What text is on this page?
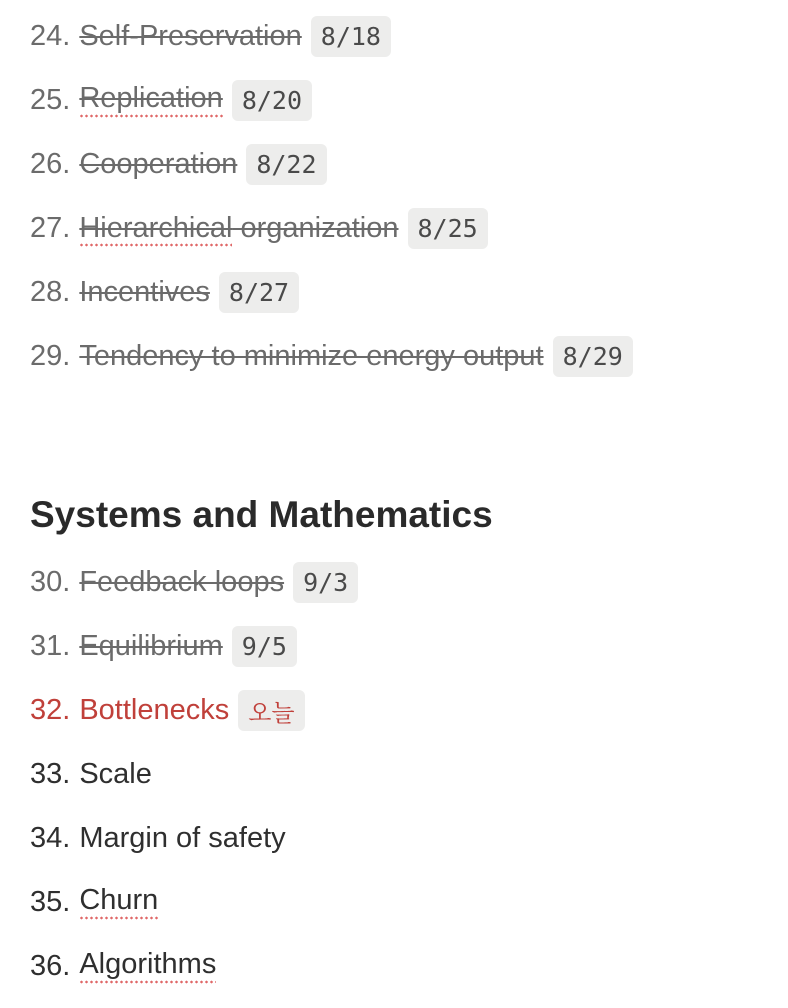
24. Self-Preservation 8/18
25. Replication 8/20
26. Cooperation 8/22
27. Hierarchical organization 8/25
28. Incentives 8/27
29. Tendency to minimize energy output 8/29
Systems and Mathematics
30. Feedback loops 9/3
31. Equilibrium 9/5
32. Bottlenecks 오늘
33. Scale
34. Margin of safety
35. Churn
36. Algorithms
